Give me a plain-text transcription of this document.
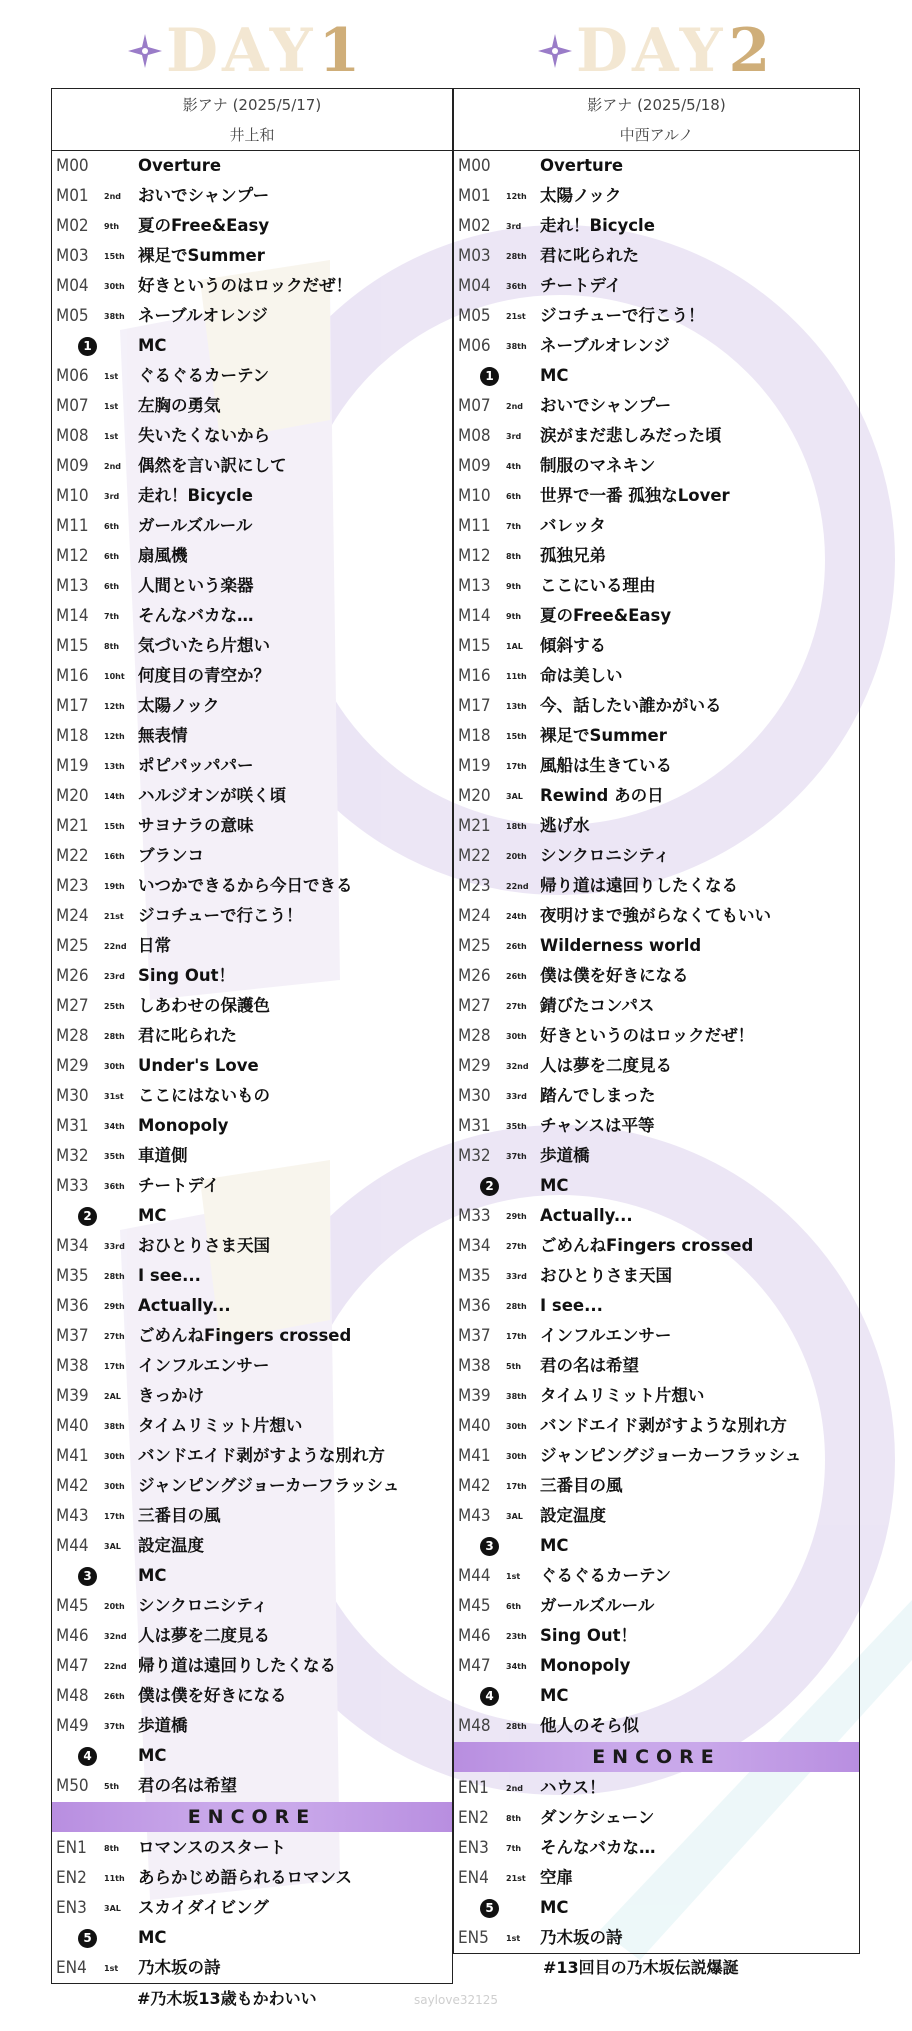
DAY 1	DAY 2
影アナ (2025/5/17)
井上和
M00	Overture
M01 2nd おいでシャンプー
M02 9th 夏のFree&Easy
M03 15th 裸足でSummer
M04 30th 好きというのはロックだぜ！
M05 38th ネーブルオレンジ
1	MC
M06 1st ぐるぐるカーテン
M07 1st 左胸の勇気
M08 1st 失いたくないから
M09 2nd 偶然を言い訳にして
M10 3rd 走れ！Bicycle
M11 6th ガールズルール
M12 6th 扇風機
M13 6th 人間という楽器
M14 7th そんなバカな…
M15 8th 気づいたら片想い
M16 10ht 何度目の青空か？
M17 12th 太陽ノック
M18 12th 無表情
M19 13th ポピパッパパー
M20 14th ハルジオンが咲く頃
M21 15th サヨナラの意味
M22 16th ブランコ
M23 19th いつかできるから今日できる
M24 21st ジコチューで行こう！
M25 22nd 日常
M26 23rd Sing Out！
M27 25th しあわせの保護色
M28 28th 君に叱られた
M29 30th Under's Love
M30 31st ここにはないもの
M31 34th Monopoly
M32 35th 車道側
M33 36th チートデイ
2	MC
M34 33rd おひとりさま天国
M35 28th I see...
M36 29th Actually...
M37 27th ごめんねFingers crossed
M38 17th インフルエンサー
M39 2AL きっかけ
M40 38th タイムリミット片想い
M41 30th バンドエイド剥がすような別れ方
M42 30th ジャンピングジョーカーフラッシュ
M43 17th 三番目の風
M44 3AL 設定温度
3	MC
M45 20th シンクロニシティ
M46 32nd 人は夢を二度見る
M47 22nd 帰り道は遠回りしたくなる
M48 26th 僕は僕を好きになる
M49 37th 歩道橋
4	MC
M50 5th 君の名は希望
ENCORE
EN1 8th ロマンスのスタート
EN2 11th あらかじめ語られるロマンス
EN3 3AL スカイダイビング
5	MC
EN4 1st 乃木坂の詩
影アナ (2025/5/18)
中西アルノ
M00	Overture
M01 12th 太陽ノック
M02 3rd 走れ！Bicycle
M03 28th 君に叱られた
M04 36th チートデイ
M05 21st ジコチューで行こう！
M06 38th ネーブルオレンジ
1	MC
M07 2nd おいでシャンプー
M08 3rd 涙がまだ悲しみだった頃
M09 4th 制服のマネキン
M10 6th 世界で一番 孤独なLover
M11 7th バレッタ
M12 8th 孤独兄弟
M13 9th ここにいる理由
M14 9th 夏のFree&Easy
M15 1AL 傾斜する
M16 11th 命は美しい
M17 13th 今、話したい誰かがいる
M18 15th 裸足でSummer
M19 17th 風船は生きている
M20 3AL Rewind あの日
M21 18th 逃げ水
M22 20th シンクロニシティ
M23 22nd 帰り道は遠回りしたくなる
M24 24th 夜明けまで強がらなくてもいい
M25 26th Wilderness world
M26 26th 僕は僕を好きになる
M27 27th 錆びたコンパス
M28 30th 好きというのはロックだぜ！
M29 32nd 人は夢を二度見る
M30 33rd 踏んでしまった
M31 35th チャンスは平等
M32 37th 歩道橋
2	MC
M33 29th Actually...
M34 27th ごめんねFingers crossed
M35 33rd おひとりさま天国
M36 28th I see...
M37 17th インフルエンサー
M38 5th 君の名は希望
M39 38th タイムリミット片想い
M40 30th バンドエイド剥がすような別れ方
M41 30th ジャンピングジョーカーフラッシュ
M42 17th 三番目の風
M43 3AL 設定温度
3	MC
M44 1st ぐるぐるカーテン
M45 6th ガールズルール
M46 23th Sing Out！
M47 34th Monopoly
4	MC
M48 28th 他人のそら似
ENCORE
EN1 2nd ハウス！
EN2 8th ダンケシェーン
EN3 7th そんなバカな…
EN4 21st 空扉
5	MC
EN5 1st 乃木坂の詩
#乃木坂13歳もかわいい
#13回目の乃木坂伝説爆誕
saylove32125
